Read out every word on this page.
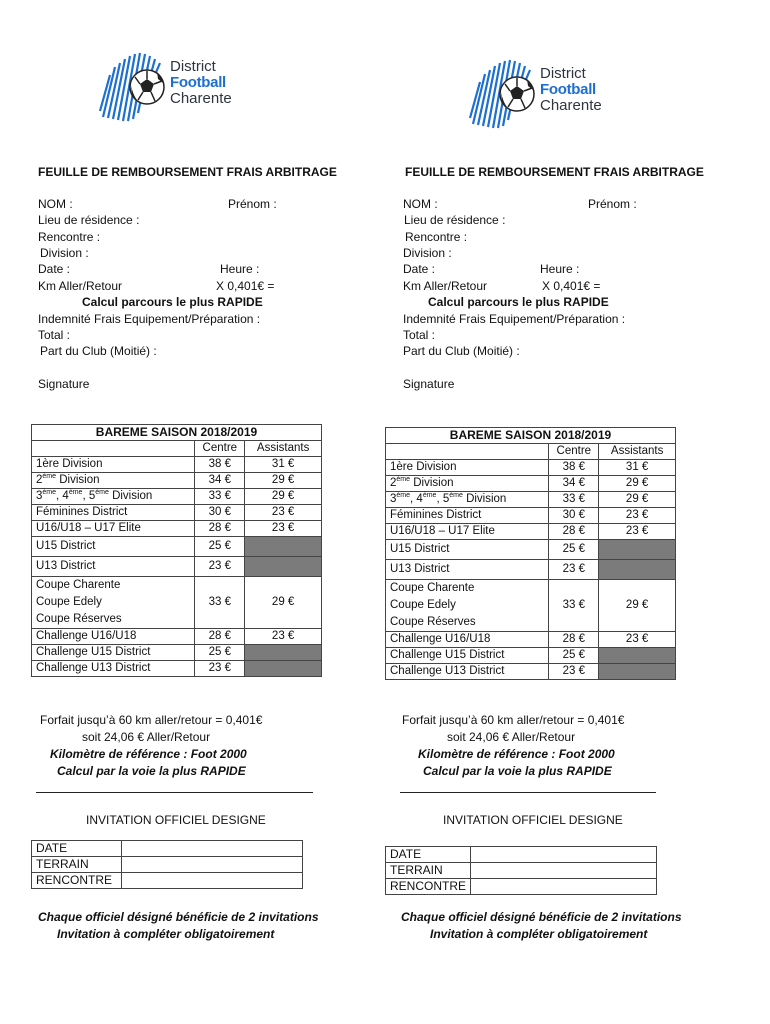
District
Football
Charente
FEUILLE DE REMBOURSEMENT FRAIS ARBITRAGE
NOM :	Prénom :
Lieu de résidence :
Rencontre :
Division :
Date :	Heure :
Km Aller/Retour	X 0,401€ =
Calcul parcours le plus RAPIDE
Indemnité Frais Equipement/Préparation :
Total :
Part du Club (Moitié) :
Signature
BAREME SAISON 2018/2019		
	Centre	Assistants
1ère Division	38 €	31 €
2ème Division	34 €	29 €
3ème, 4ème, 5ème Division	33 €	29 €
Féminines District	30 €	23 €
U16/U18 – U17 Elite	28 €	23 €
U15 District	25 €	
U13 District	23 €	

Coupe Charente
Coupe Edely
Coupe Réserves	33 €	29 €
Challenge U16/U18	28 €	23 €
Challenge U15 District	25 €	
Challenge U13 District	23 €	
Forfait jusqu’à 60 km aller/retour = 0,401€
soit 24,06 € Aller/Retour
Kilomètre de référence : Foot 2000
Calcul par la voie la plus RAPIDE
INVITATION OFFICIEL DESIGNE
DATE	
TERRAIN	
RENCONTRE	
Chaque officiel désigné bénéficie de 2 invitations
Invitation à compléter obligatoirement
District
Football
Charente
FEUILLE DE REMBOURSEMENT FRAIS ARBITRAGE
NOM :	Prénom :
Lieu de résidence :
Rencontre :
Division :
Date :	Heure :
Km Aller/Retour	X 0,401€ =
Calcul parcours le plus RAPIDE
Indemnité Frais Equipement/Préparation :
Total :
Part du Club (Moitié) :
Signature
BAREME SAISON 2018/2019		
	Centre	Assistants
1ère Division	38 €	31 €
2ème Division	34 €	29 €
3ème, 4ème, 5ème Division	33 €	29 €
Féminines District	30 €	23 €
U16/U18 – U17 Elite	28 €	23 €
U15 District	25 €	
U13 District	23 €	

Coupe Charente
Coupe Edely
Coupe Réserves	33 €	29 €
Challenge U16/U18	28 €	23 €
Challenge U15 District	25 €	
Challenge U13 District	23 €	
Forfait jusqu’à 60 km aller/retour = 0,401€
soit 24,06 € Aller/Retour
Kilomètre de référence : Foot 2000
Calcul par la voie la plus RAPIDE
INVITATION OFFICIEL DESIGNE
DATE	
TERRAIN	
RENCONTRE	
Chaque officiel désigné bénéficie de 2 invitations
Invitation à compléter obligatoirement
